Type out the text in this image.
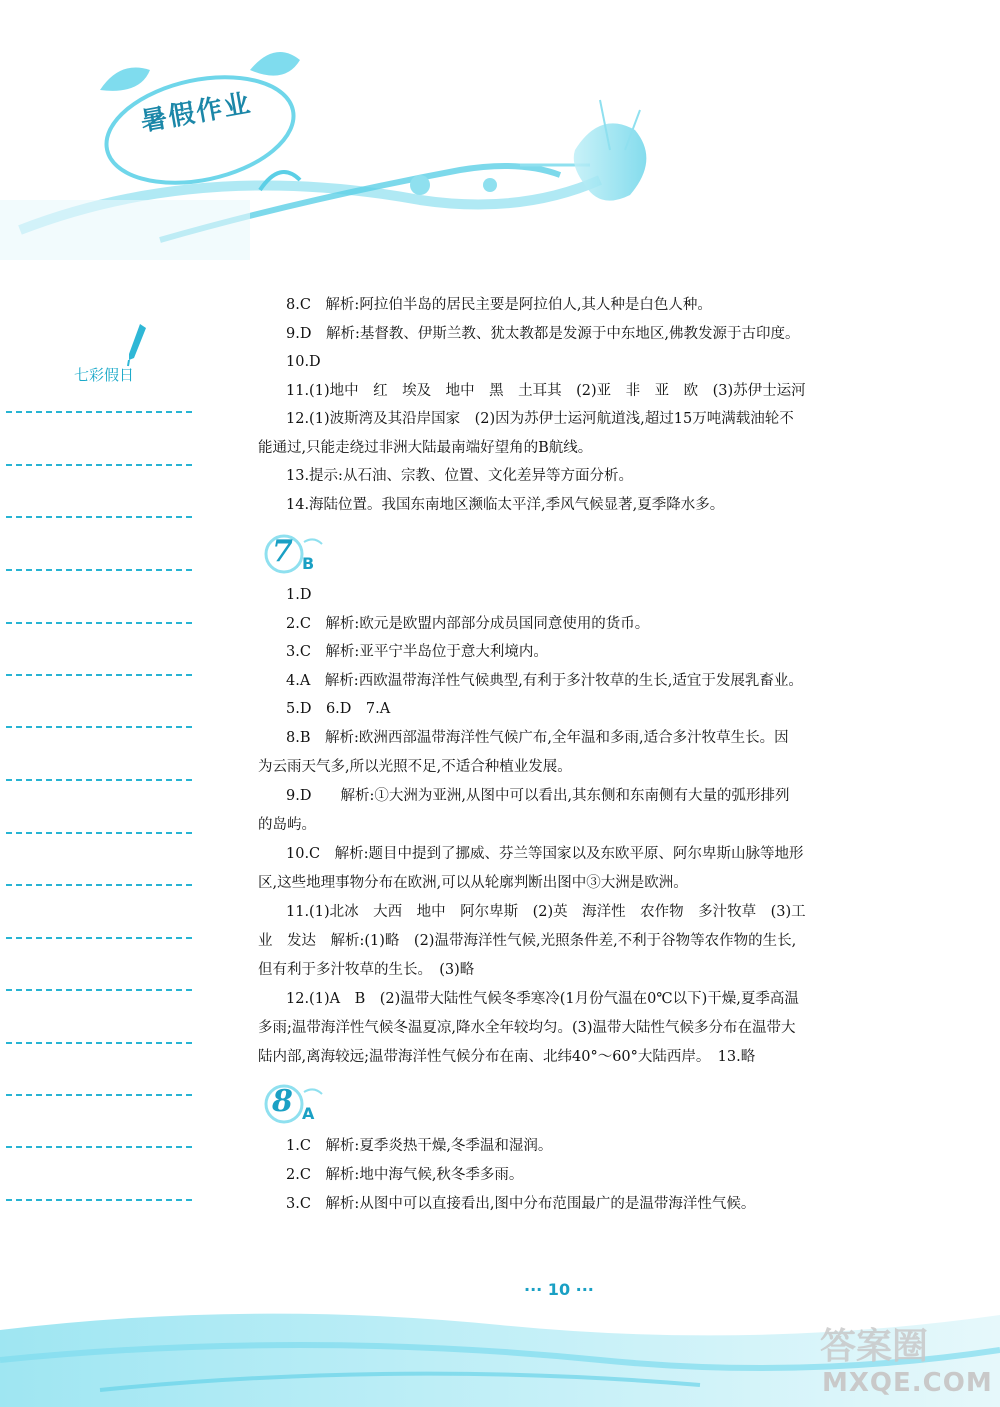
暑假作业
七彩假日
8.C　解析:阿拉伯半岛的居民主要是阿拉伯人,其人种是白色人种。
9.D　解析:基督教、伊斯兰教、犹太教都是发源于中东地区,佛教发源于古印度。
10.D
11.(1)地中　红　埃及　地中　黑　土耳其　(2)亚　非　亚　欧　(3)苏伊士运河
12.(1)波斯湾及其沿岸国家　(2)因为苏伊士运河航道浅,超过15万吨满载油轮不
能通过,只能走绕过非洲大陆最南端好望角的B航线。
13.提示:从石油、宗教、位置、文化差异等方面分析。
14.海陆位置。我国东南地区濒临太平洋,季风气候显著,夏季降水多。
7 B
1.D
2.C　解析:欧元是欧盟内部部分成员国同意使用的货币。
3.C　解析:亚平宁半岛位于意大利境内。
4.A　解析:西欧温带海洋性气候典型,有利于多汁牧草的生长,适宜于发展乳畜业。
5.D　6.D　7.A
8.B　解析:欧洲西部温带海洋性气候广布,全年温和多雨,适合多汁牧草生长。因
为云雨天气多,所以光照不足,不适合种植业发展。
9.D　　解析:①大洲为亚洲,从图中可以看出,其东侧和东南侧有大量的弧形排列
的岛屿。
10.C　解析:题目中提到了挪威、芬兰等国家以及东欧平原、阿尔卑斯山脉等地形
区,这些地理事物分布在欧洲,可以从轮廓判断出图中③大洲是欧洲。
11.(1)北冰　大西　地中　阿尔卑斯　(2)英　海洋性　农作物　多汁牧草　(3)工
业　发达　解析:(1)略　(2)温带海洋性气候,光照条件差,不利于谷物等农作物的生长,
但有利于多汁牧草的生长。　(3)略
12.(1)A　B　(2)温带大陆性气候冬季寒冷(1月份气温在0℃以下)干燥,夏季高温
多雨;温带海洋性气候冬温夏凉,降水全年较均匀。(3)温带大陆性气候多分布在温带大
陆内部,离海较远;温带海洋性气候分布在南、北纬40°～60°大陆西岸。　13.略
8 A
1.C　解析:夏季炎热干燥,冬季温和湿润。
2.C　解析:地中海气候,秋冬季多雨。
3.C　解析:从图中可以直接看出,图中分布范围最广的是温带海洋性气候。
··· 10 ···
答案圈
MXQE.COM
